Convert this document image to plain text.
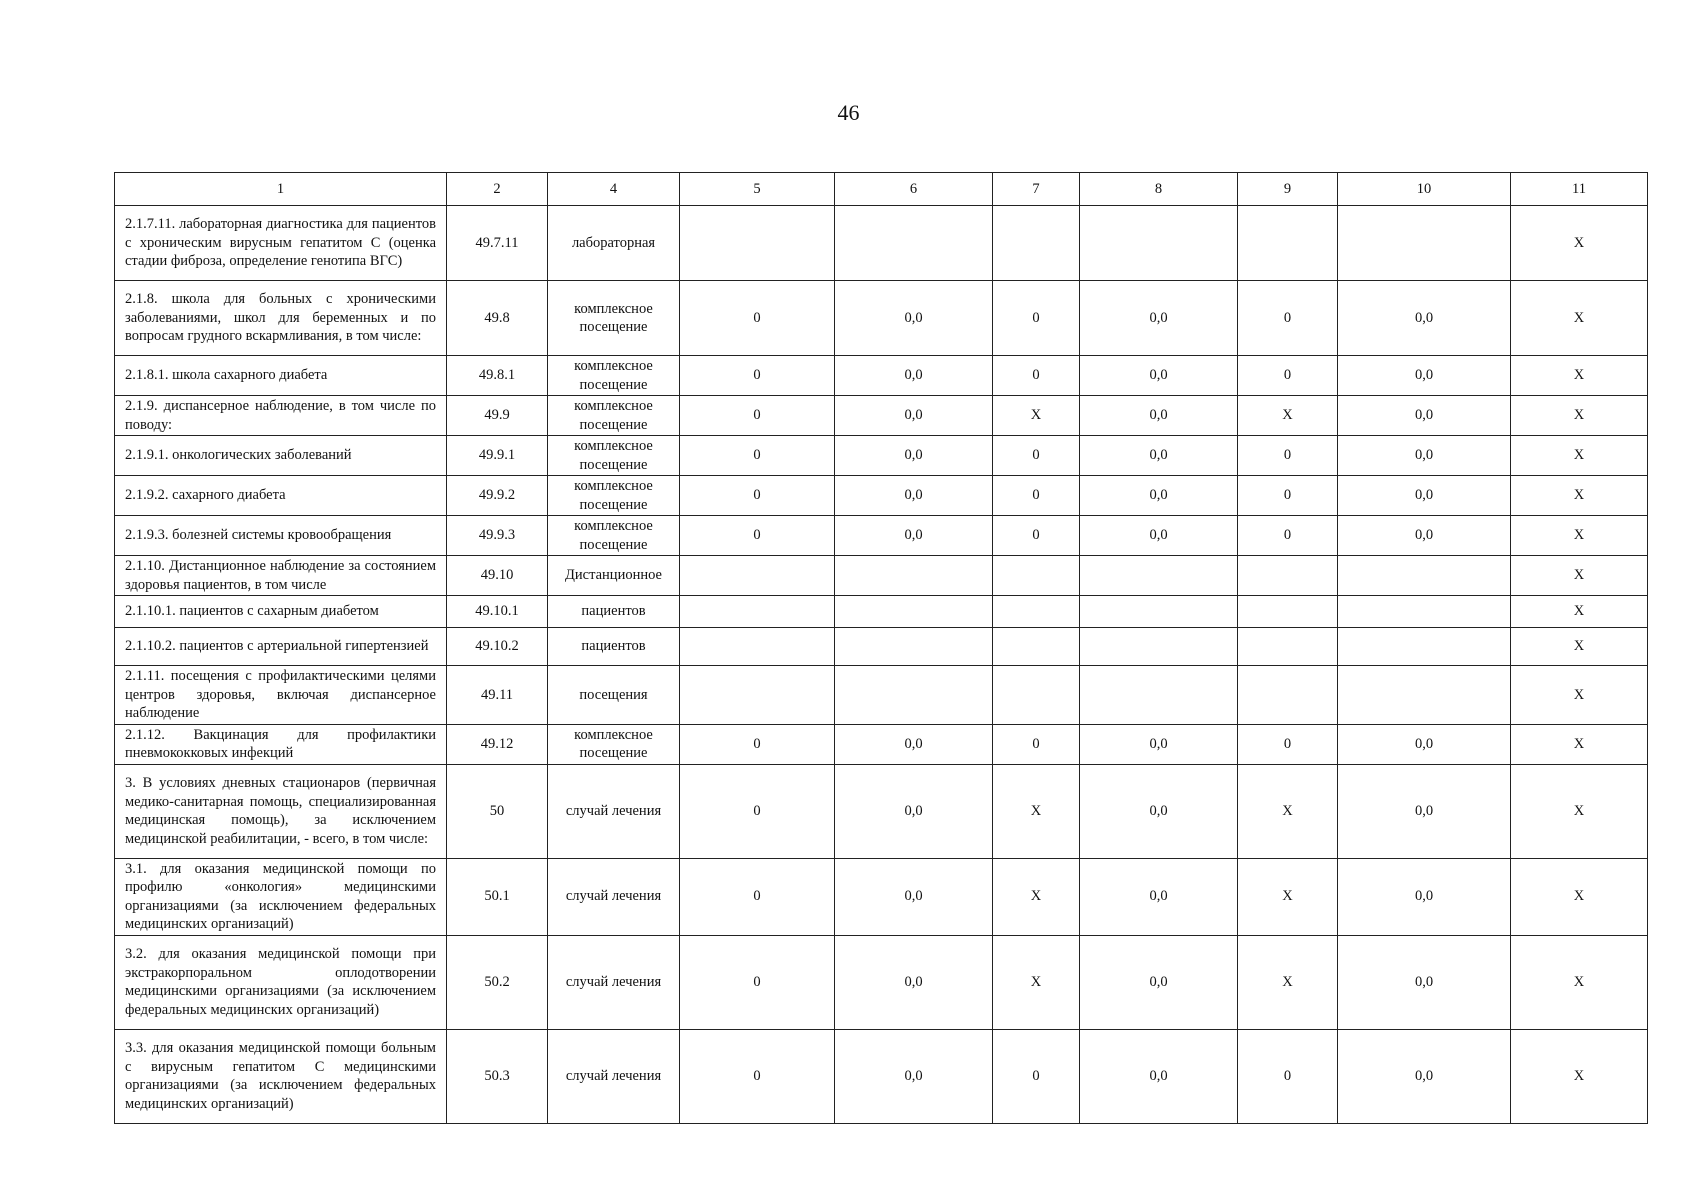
46
1	2	4	5	6	7	8	9	10	11
2.1.7.11. лабораторная диагностика для пациентов с хроническим вирусным гепатитом С (оценка стадии фиброза, определение генотипа ВГС)	49.7.11	лабораторная							X
2.1.8. школа для больных с хроническими заболеваниями, школ для беременных и по вопросам грудного вскармливания, в том числе:	49.8	комплексное посещение	0	0,0	0	0,0	0	0,0	X
2.1.8.1. школа сахарного диабета	49.8.1	комплексное посещение	0	0,0	0	0,0	0	0,0	X
2.1.9. диспансерное наблюдение, в том числе по поводу:	49.9	комплексное посещение	0	0,0	X	0,0	X	0,0	X
2.1.9.1. онкологических заболеваний	49.9.1	комплексное посещение	0	0,0	0	0,0	0	0,0	X
2.1.9.2. сахарного диабета	49.9.2	комплексное посещение	0	0,0	0	0,0	0	0,0	X
2.1.9.3. болезней системы кровообращения	49.9.3	комплексное посещение	0	0,0	0	0,0	0	0,0	X
2.1.10. Дистанционное наблюдение за состоянием здоровья пациентов, в том числе	49.10	Дистанционное							X
2.1.10.1. пациентов с сахарным диабетом	49.10.1	пациентов							X
2.1.10.2. пациентов с артериальной гипертензией	49.10.2	пациентов							X
2.1.11. посещения с профилактическими целями центров здоровья, включая диспансерное наблюдение	49.11	посещения							X
2.1.12. Вакцинация для профилактики пневмококковых инфекций	49.12	комплексное посещение	0	0,0	0	0,0	0	0,0	X
3. В условиях дневных стационаров (первичная медико-санитарная помощь, специализированная медицинская помощь), за исключением медицинской реабилитации, - всего, в том числе:	50	случай лечения	0	0,0	X	0,0	X	0,0	X
3.1. для оказания медицинской помощи по профилю «онкология» медицинскими организациями (за исключением федеральных медицинских организаций)	50.1	случай лечения	0	0,0	X	0,0	X	0,0	X
3.2. для оказания медицинской помощи при экстракорпоральном оплодотворении медицинскими организациями (за исключением федеральных медицинских организаций)	50.2	случай лечения	0	0,0	X	0,0	X	0,0	X
3.3. для оказания медицинской помощи больным с вирусным гепатитом С медицинскими организациями (за исключением федеральных медицинских организаций)	50.3	случай лечения	0	0,0	0	0,0	0	0,0	X
